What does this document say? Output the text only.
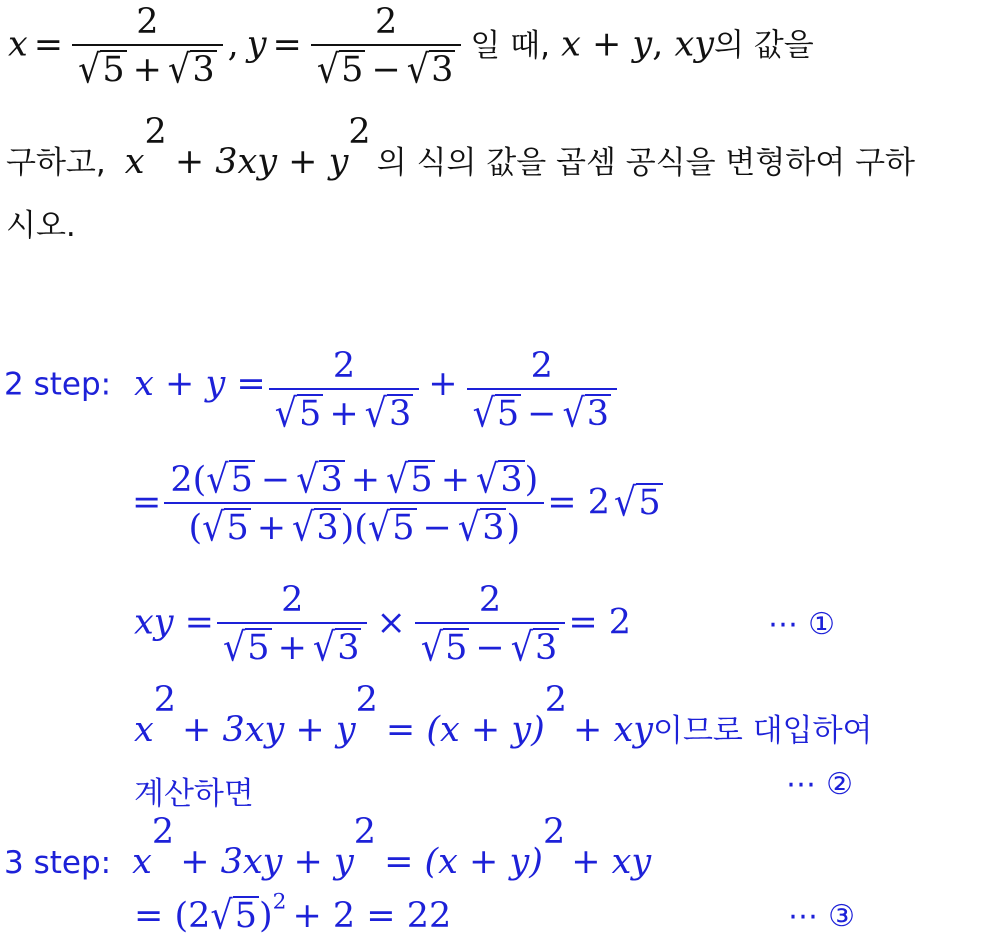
$x = \frac{2}{√5 + √3}$ , $y = \frac{2}{√5 - √3}$ 일 때, x + y, xy의 값을
구하고, $x^2+ 3xy + y^2$의 식의 값을 곱셈 공식을 변형하여 구하
시오.
2 step: $x + y = \frac{2}{√5 + √3} + \frac{2}{√5 - √3}$
= $\frac{2(√5 - √3 + √5 + √3)}{(√5 + √3)(√5 - √3)} = 2$ √5
xy = $\frac{2}{√5 + √3} \times \frac{2}{√5 - √3} = 2$	⋯ ①
$x^2+ 3xy + y^2= (x + y)^2+$ xy이므로 대입하여
계산하면	⋯ ②
3 step: $x^2+ 3xy + y^2= (x + y)^2+$ xy
= $(2√5)^2 + 2 = 22$	⋯ ③
